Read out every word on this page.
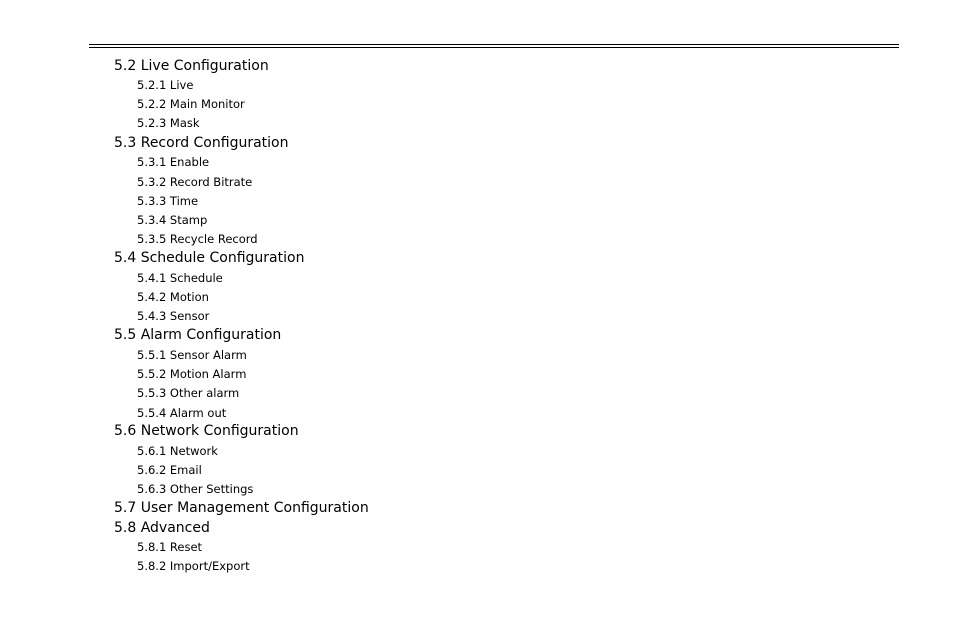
5.2 Live Configuration
5.2.1 Live
5.2.2 Main Monitor
5.2.3 Mask
5.3 Record Configuration
5.3.1 Enable
5.3.2 Record Bitrate
5.3.3 Time
5.3.4 Stamp
5.3.5 Recycle Record
5.4 Schedule Configuration
5.4.1 Schedule
5.4.2 Motion
5.4.3 Sensor
5.5 Alarm Configuration
5.5.1 Sensor Alarm
5.5.2 Motion Alarm
5.5.3 Other alarm
5.5.4 Alarm out
5.6 Network Configuration
5.6.1 Network
5.6.2 Email
5.6.3 Other Settings
5.7 User Management Configuration
5.8 Advanced
5.8.1 Reset
5.8.2 Import/Export
